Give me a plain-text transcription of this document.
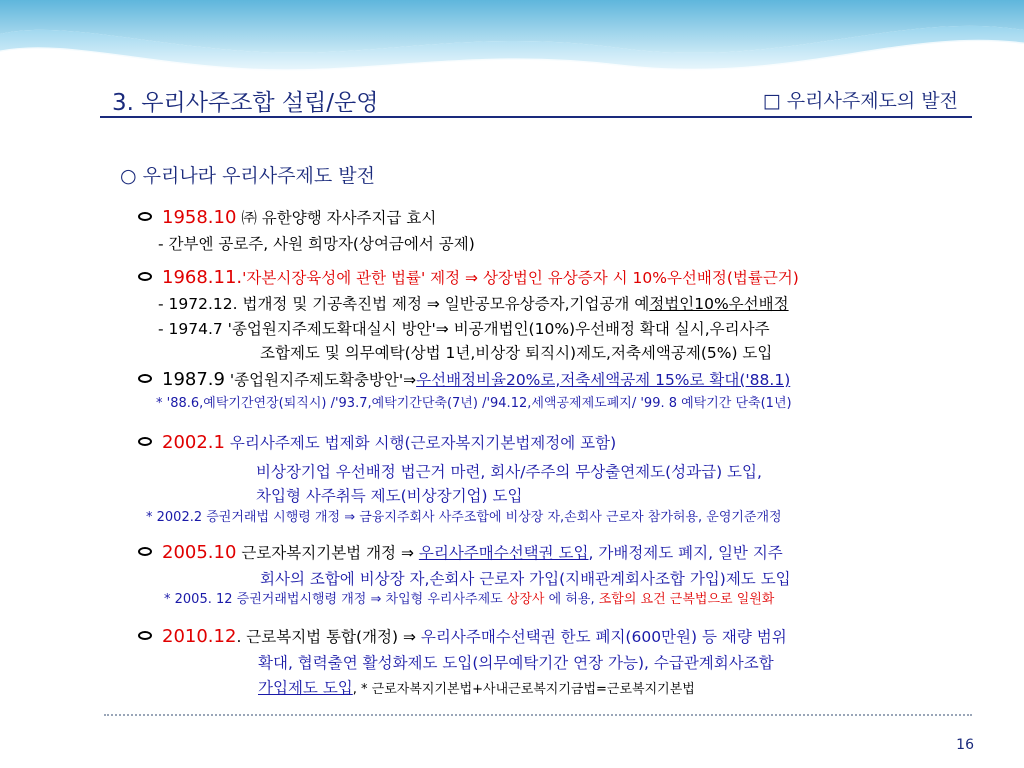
3. 우리사주조합 설립/운영	□ 우리사주제도의 발전
○ 우리나라 우리사주제도 발전
1958.10 ㈜ 유한양행 자사주지급 효시
- 간부엔 공로주, 사원 희망자(상여금에서 공제)
1968.11.'자본시장육성에 관한 법률' 제정 ⇒ 상장법인 유상증자 시 10%우선배정(법률근거)
- 1972.12. 법개정 및 기공촉진법 제정 ⇒ 일반공모유상증자,기업공개 예정법인10%우선배정
- 1974.7 '종업원지주제도확대실시 방안'⇒ 비공개법인(10%)우선배정 확대 실시,우리사주
조합제도 및 의무예탁(상법 1년,비상장 퇴직시)제도,저축세액공제(5%) 도입
1987.9 '종업원지주제도확충방안'⇒우선배정비율20%로,저축세액공제 15%로 확대('88.1)
* '88.6,예탁기간연장(퇴직시) /'93.7,예탁기간단축(7년) /'94.12,세액공제제도폐지/ '99. 8 예탁기간 단축(1년)
2002.1 우리사주제도 법제화 시행(근로자복지기본법제정에 포함)
비상장기업 우선배정 법근거 마련, 회사/주주의 무상출연제도(성과급) 도입,
차입형 사주취득 제도(비상장기업) 도입
* 2002.2 증권거래법 시행령 개정 ⇒ 금융지주회사 사주조합에 비상장 자,손회사 근로자 참가허용, 운영기준개정
2005.10 근로자복지기본법 개정 ⇒ 우리사주매수선택권 도입, 가배정제도 폐지, 일반 지주
회사의 조합에 비상장 자,손회사 근로자 가입(지배관계회사조합 가입)제도 도입
* 2005. 12 증권거래법시행령 개정 ⇒ 차입형 우리사주제도 상장사 에 허용, 조합의 요건 근복법으로 일원화
2010.12. 근로복지법 통합(개정) ⇒ 우리사주매수선택권 한도 폐지(600만원) 등 재량 범위
확대, 협력출연 활성화제도 도입(의무예탁기간 연장 가능), 수급관계회사조합
가입제도 도입, * 근로자복지기본법+사내근로복지기금법=근로복지기본법
16
